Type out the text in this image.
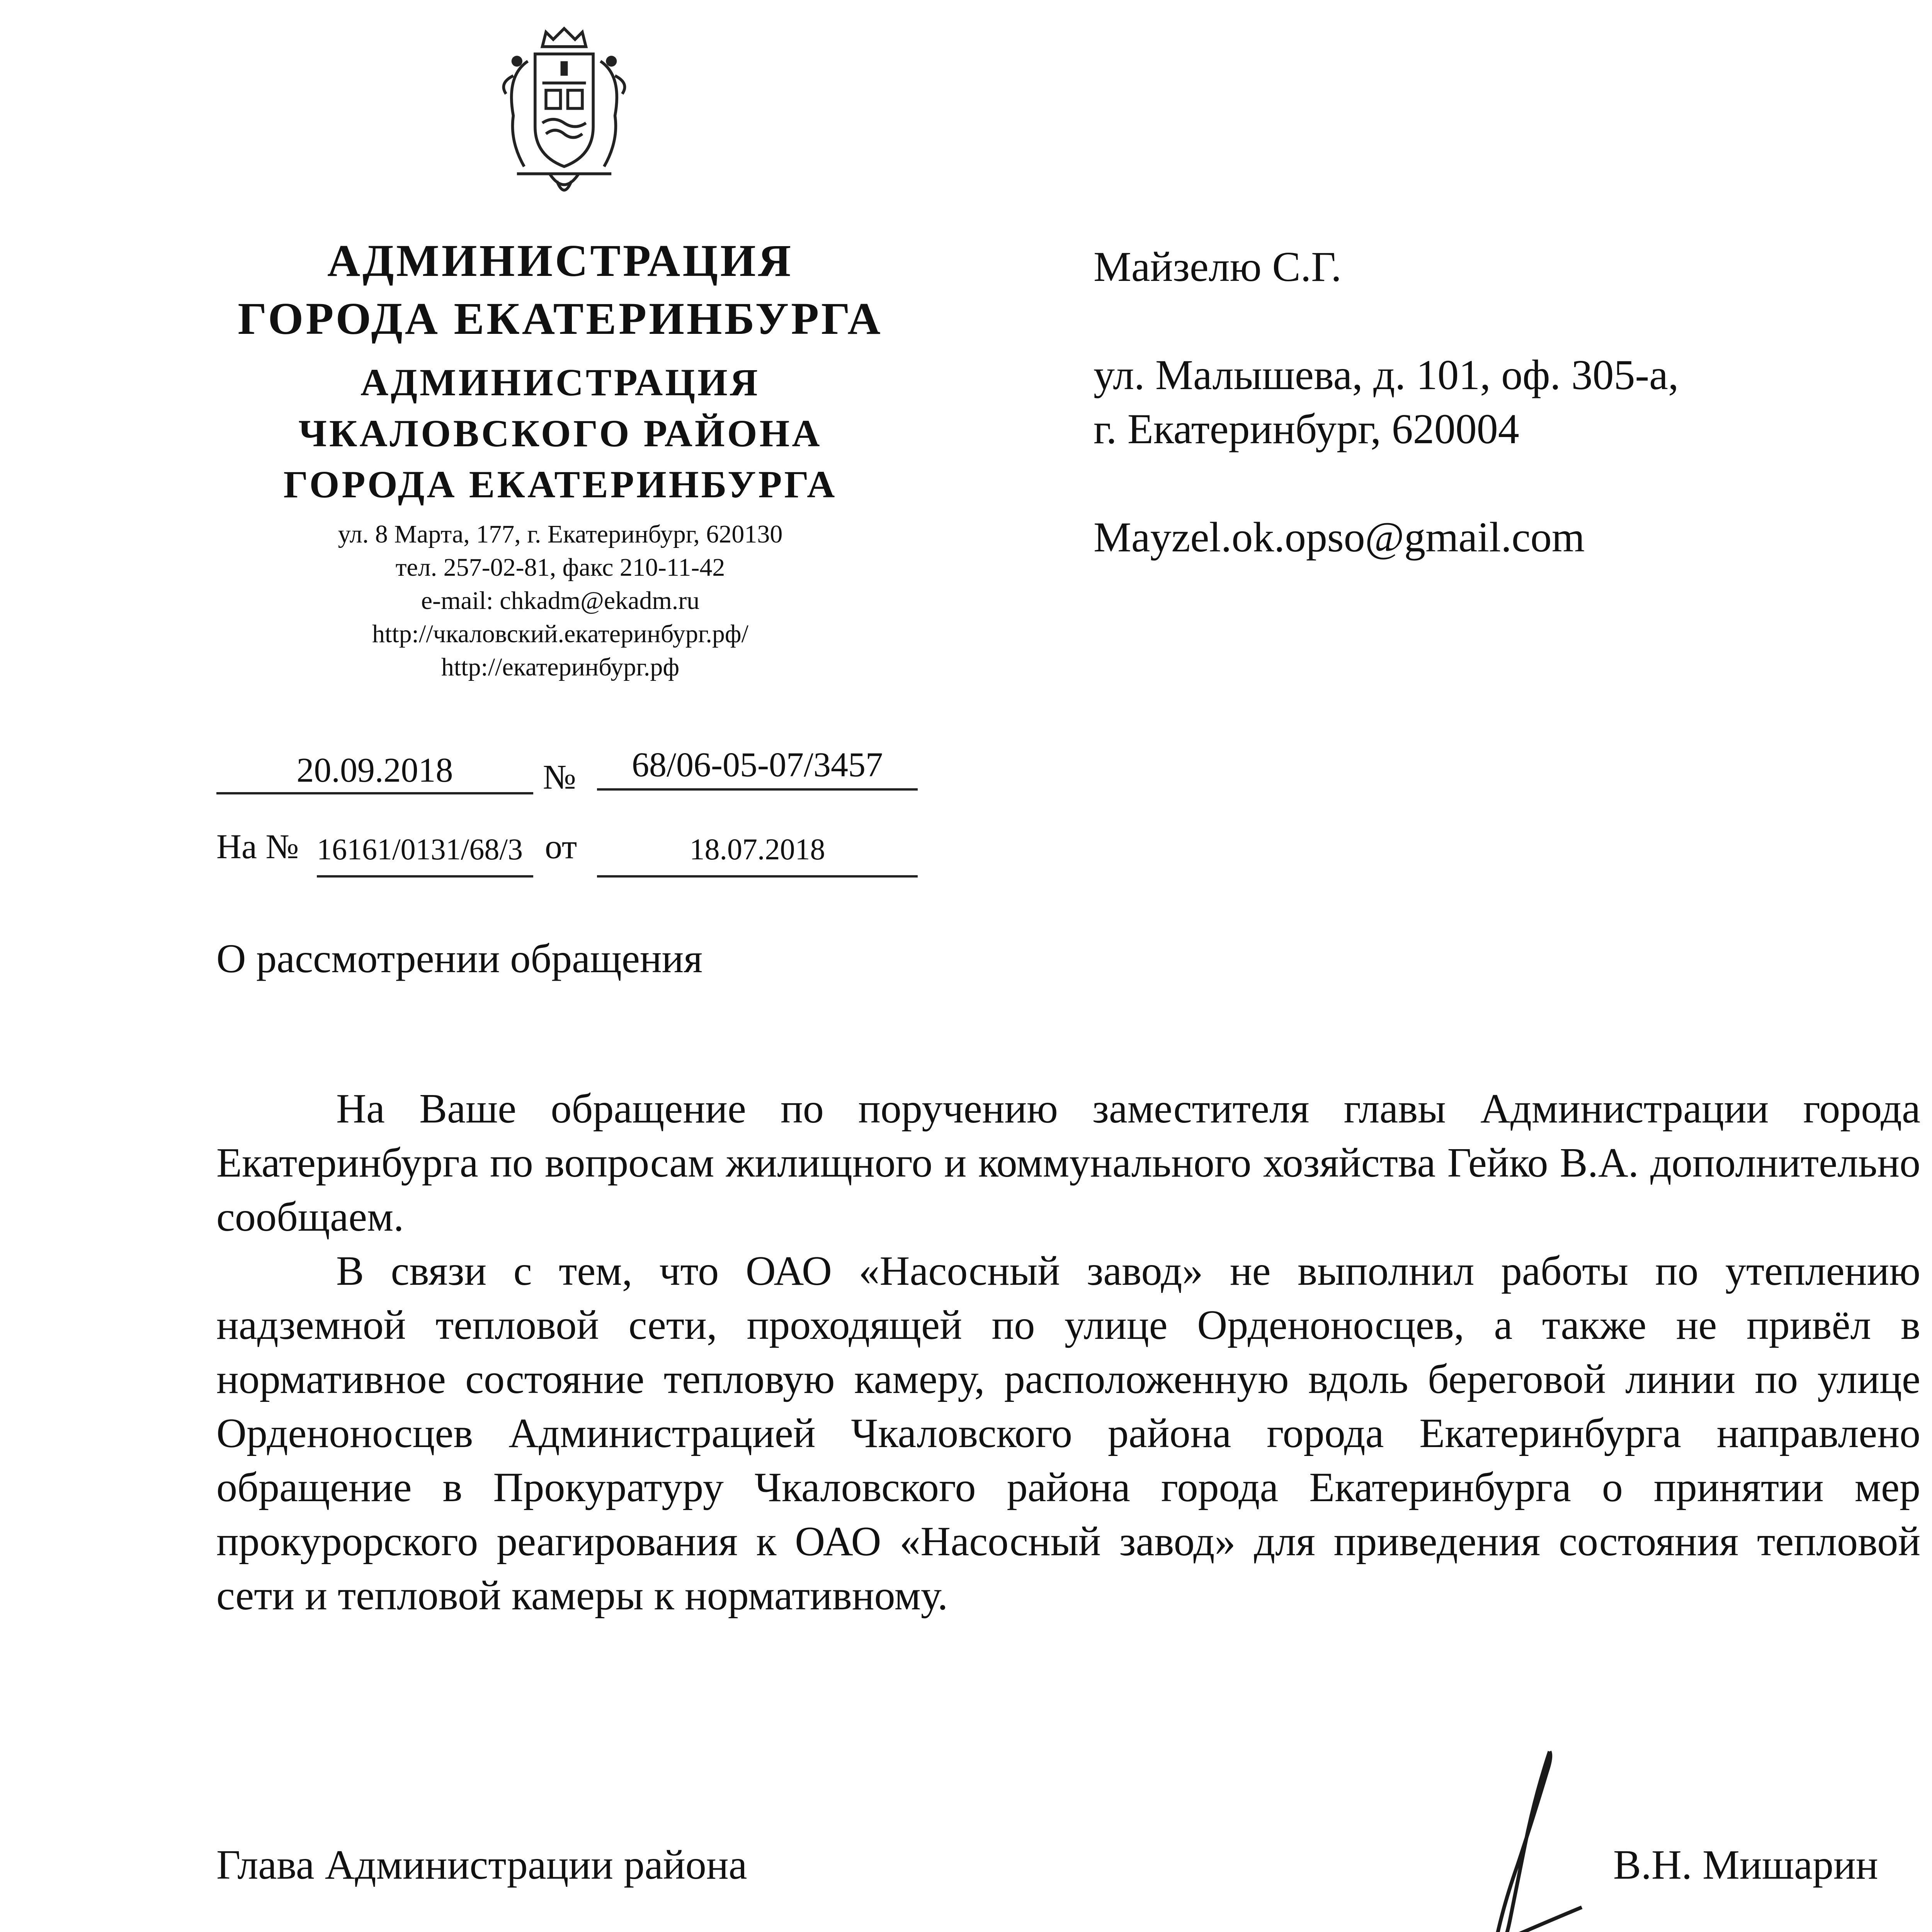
АДМИНИСТРАЦИЯ
ГОРОДА ЕКАТЕРИНБУРГА
АДМИНИСТРАЦИЯ
ЧКАЛОВСКОГО РАЙОНА
ГОРОДА ЕКАТЕРИНБУРГА
ул. 8 Марта, 177, г. Екатеринбург, 620130
тел. 257-02-81, факс 210-11-42
e-mail: chkadm@ekadm.ru
http://чкаловский.екатеринбург.рф/
http://екатеринбург.рф
20.09.2018	№	68/06-05-07/3457
На № 16161/0131/68/3 от	18.07.2018
Майзелю С.Г.
ул. Малышева, д. 101, оф. 305-а,
г. Екатеринбург, 620004
Mayzel.ok.opso@gmail.com
О рассмотрении обращения

На Ваше обращение по поручению заместителя главы Администрации города Екатеринбурга по вопросам жилищного и коммунального хозяйства Гейко В.А. дополнительно сообщаем.

В связи с тем, что ОАО «Насосный завод» не выполнил работы по утеплению надземной тепловой сети, проходящей по улице Орденоносцев, а также не привёл в нормативное состояние тепловую камеру, расположенную вдоль береговой линии по улице Орденоносцев Администрацией Чкаловского района города Екатеринбурга направлено обращение в Прокуратуру Чкаловского района города Екатеринбурга о принятии мер прокурорского реагирования к ОАО «Насосный завод» для приведения состояния тепловой сети и тепловой камеры к нормативному.

Глава Администрации района	В.Н. Мишарин
